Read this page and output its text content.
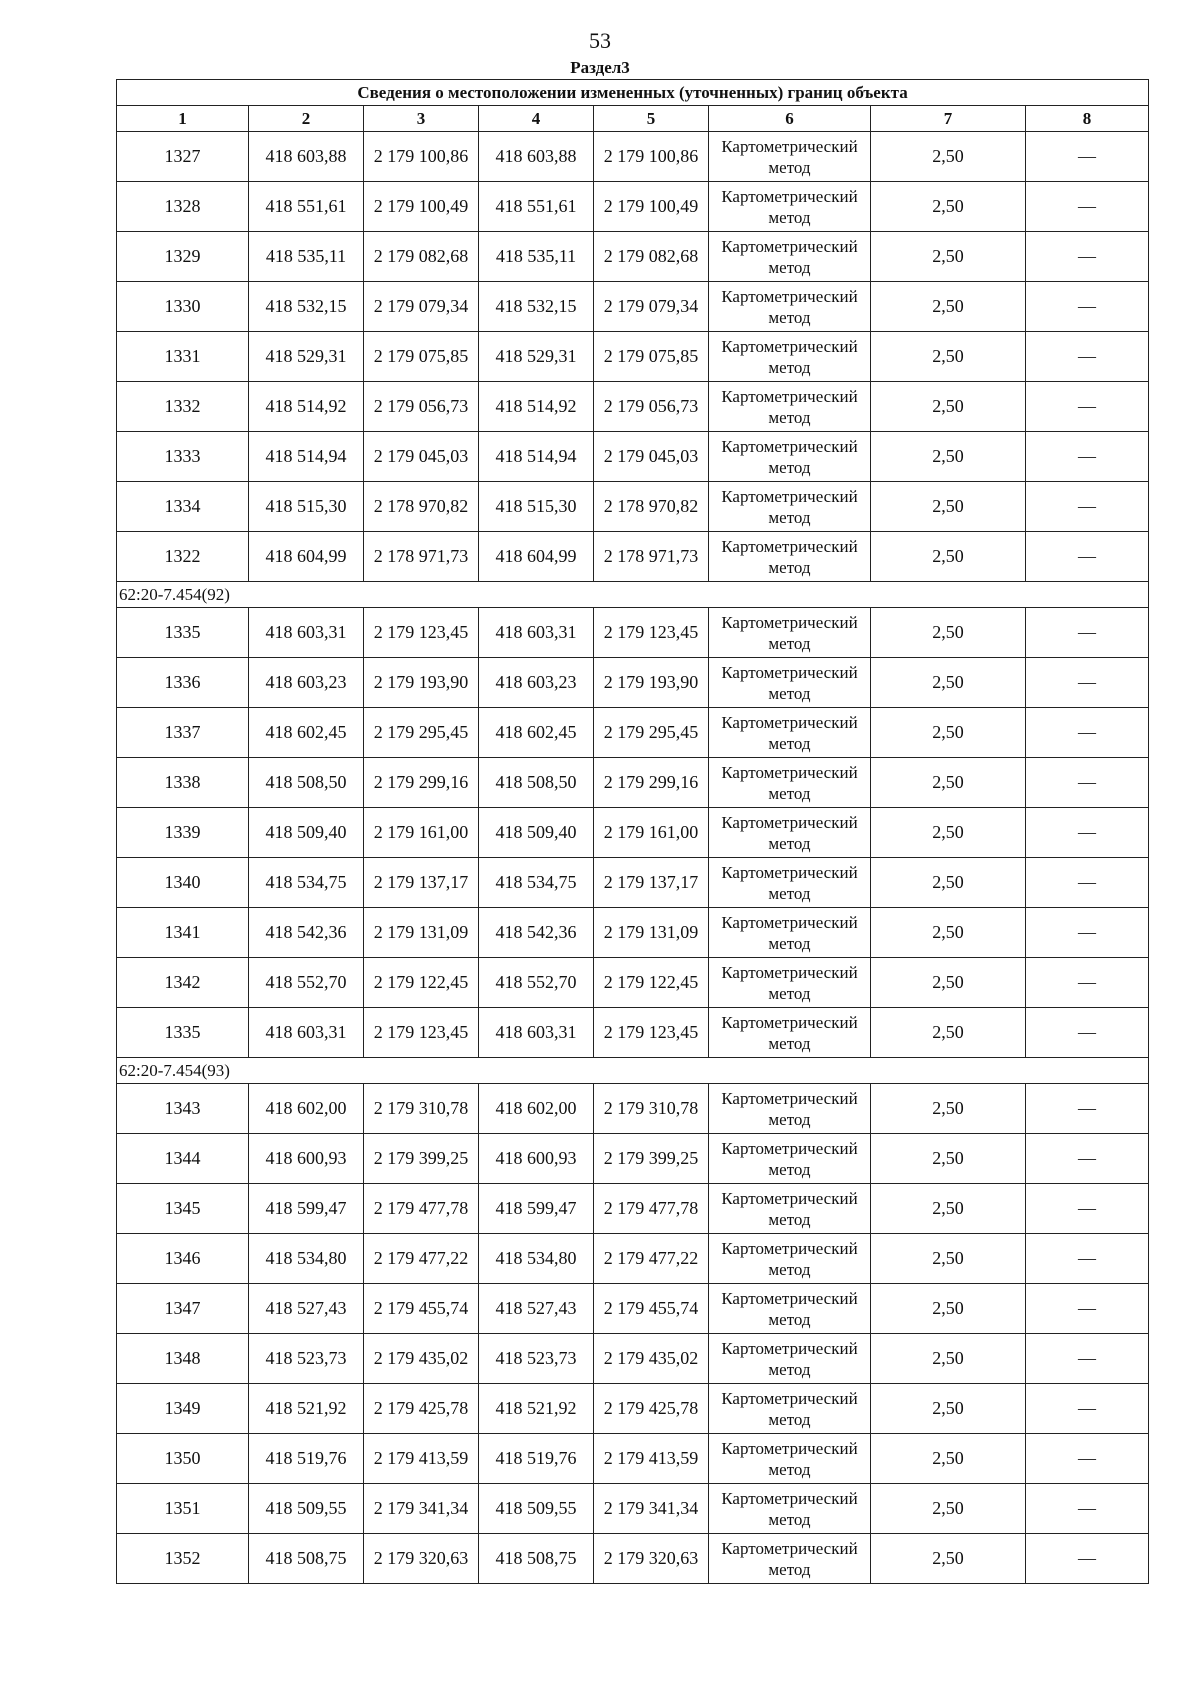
53
Раздел3
Сведения о местоположении измененных (уточненных) границ объекта							
1	2	3	4	5	6	7	8
1327	418 603,88	2 179 100,86	418 603,88	2 179 100,86	Картометрический метод	2,50	—
1328	418 551,61	2 179 100,49	418 551,61	2 179 100,49	Картометрический метод	2,50	—
1329	418 535,11	2 179 082,68	418 535,11	2 179 082,68	Картометрический метод	2,50	—
1330	418 532,15	2 179 079,34	418 532,15	2 179 079,34	Картометрический метод	2,50	—
1331	418 529,31	2 179 075,85	418 529,31	2 179 075,85	Картометрический метод	2,50	—
1332	418 514,92	2 179 056,73	418 514,92	2 179 056,73	Картометрический метод	2,50	—
1333	418 514,94	2 179 045,03	418 514,94	2 179 045,03	Картометрический метод	2,50	—
1334	418 515,30	2 178 970,82	418 515,30	2 178 970,82	Картометрический метод	2,50	—
1322	418 604,99	2 178 971,73	418 604,99	2 178 971,73	Картометрический метод	2,50	—
62:20-7.454(92)							
1335	418 603,31	2 179 123,45	418 603,31	2 179 123,45	Картометрический метод	2,50	—
1336	418 603,23	2 179 193,90	418 603,23	2 179 193,90	Картометрический метод	2,50	—
1337	418 602,45	2 179 295,45	418 602,45	2 179 295,45	Картометрический метод	2,50	—
1338	418 508,50	2 179 299,16	418 508,50	2 179 299,16	Картометрический метод	2,50	—
1339	418 509,40	2 179 161,00	418 509,40	2 179 161,00	Картометрический метод	2,50	—
1340	418 534,75	2 179 137,17	418 534,75	2 179 137,17	Картометрический метод	2,50	—
1341	418 542,36	2 179 131,09	418 542,36	2 179 131,09	Картометрический метод	2,50	—
1342	418 552,70	2 179 122,45	418 552,70	2 179 122,45	Картометрический метод	2,50	—
1335	418 603,31	2 179 123,45	418 603,31	2 179 123,45	Картометрический метод	2,50	—
62:20-7.454(93)							
1343	418 602,00	2 179 310,78	418 602,00	2 179 310,78	Картометрический метод	2,50	—
1344	418 600,93	2 179 399,25	418 600,93	2 179 399,25	Картометрический метод	2,50	—
1345	418 599,47	2 179 477,78	418 599,47	2 179 477,78	Картометрический метод	2,50	—
1346	418 534,80	2 179 477,22	418 534,80	2 179 477,22	Картометрический метод	2,50	—
1347	418 527,43	2 179 455,74	418 527,43	2 179 455,74	Картометрический метод	2,50	—
1348	418 523,73	2 179 435,02	418 523,73	2 179 435,02	Картометрический метод	2,50	—
1349	418 521,92	2 179 425,78	418 521,92	2 179 425,78	Картометрический метод	2,50	—
1350	418 519,76	2 179 413,59	418 519,76	2 179 413,59	Картометрический метод	2,50	—
1351	418 509,55	2 179 341,34	418 509,55	2 179 341,34	Картометрический метод	2,50	—
1352	418 508,75	2 179 320,63	418 508,75	2 179 320,63	Картометрический метод	2,50	—
